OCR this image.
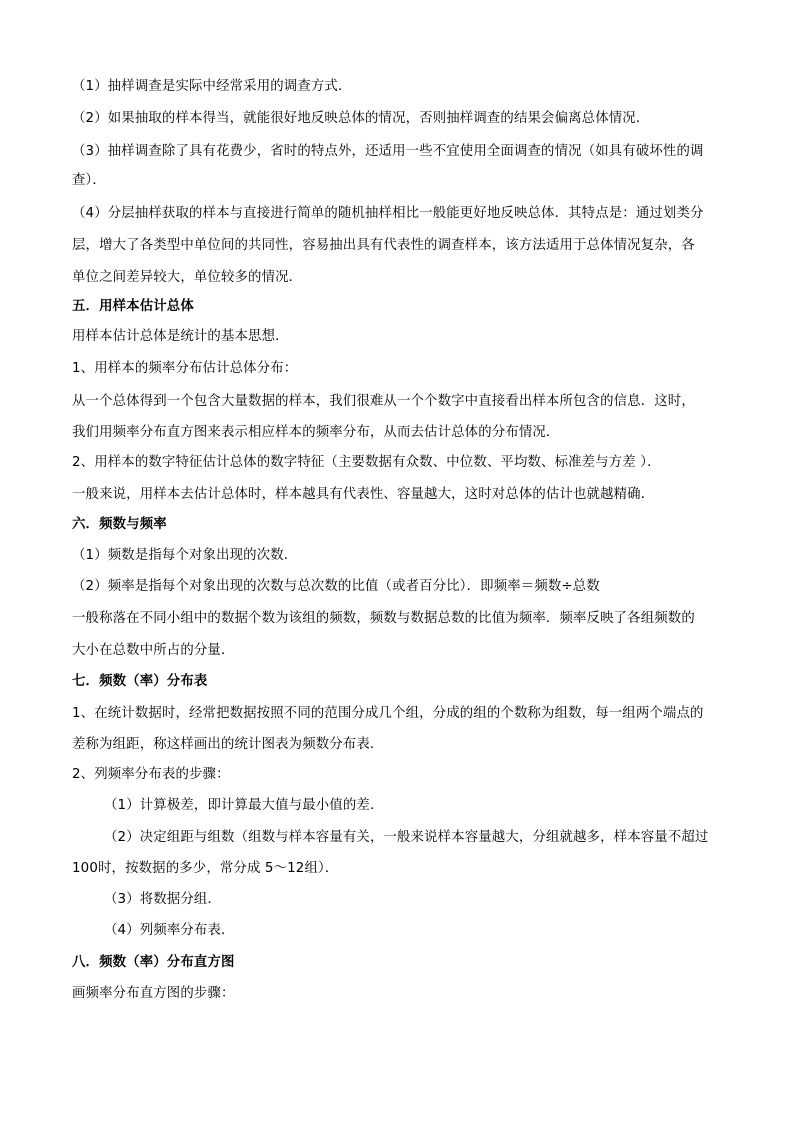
（1）抽样调查是实际中经常采用的调查方式．
（2）如果抽取的样本得当，就能很好地反映总体的情况，否则抽样调查的结果会偏离总体情况．
（3）抽样调查除了具有花费少，省时的特点外，还适用一些不宜使用全面调查的情况（如具有破坏性的调
查）．
（4）分层抽样获取的样本与直接进行简单的随机抽样相比一般能更好地反映总体．其特点是：通过划类分
层，增大了各类型中单位间的共同性，容易抽出具有代表性的调查样本，该方法适用于总体情况复杂，各
单位之间差异较大，单位较多的情况．
五．用样本估计总体
用样本估计总体是统计的基本思想．
1、用样本的频率分布估计总体分布：
从一个总体得到一个包含大量数据的样本，我们很难从一个个数字中直接看出样本所包含的信息．这时，
我们用频率分布直方图来表示相应样本的频率分布，从而去估计总体的分布情况．
2、用样本的数字特征估计总体的数字特征（主要数据有众数、中位数、平均数、标准差与方差 ）．
一般来说，用样本去估计总体时，样本越具有代表性、容量越大，这时对总体的估计也就越精确．
六．频数与频率
（1）频数是指每个对象出现的次数．
（2）频率是指每个对象出现的次数与总次数的比值（或者百分比）．即频率＝频数÷总数
一般称落在不同小组中的数据个数为该组的频数，频数与数据总数的比值为频率．频率反映了各组频数的
大小在总数中所占的分量．
七．频数（率）分布表
1、在统计数据时，经常把数据按照不同的范围分成几个组，分成的组的个数称为组数，每一组两个端点的
差称为组距，称这样画出的统计图表为频数分布表．
2、列频率分布表的步骤：
（1）计算极差，即计算最大值与最小值的差．
（2）决定组距与组数（组数与样本容量有关，一般来说样本容量越大，分组就越多，样本容量不超过
100时，按数据的多少，常分成 5～12组）．
（3）将数据分组．
（4）列频率分布表．
八．频数（率）分布直方图
画频率分布直方图的步骤：
